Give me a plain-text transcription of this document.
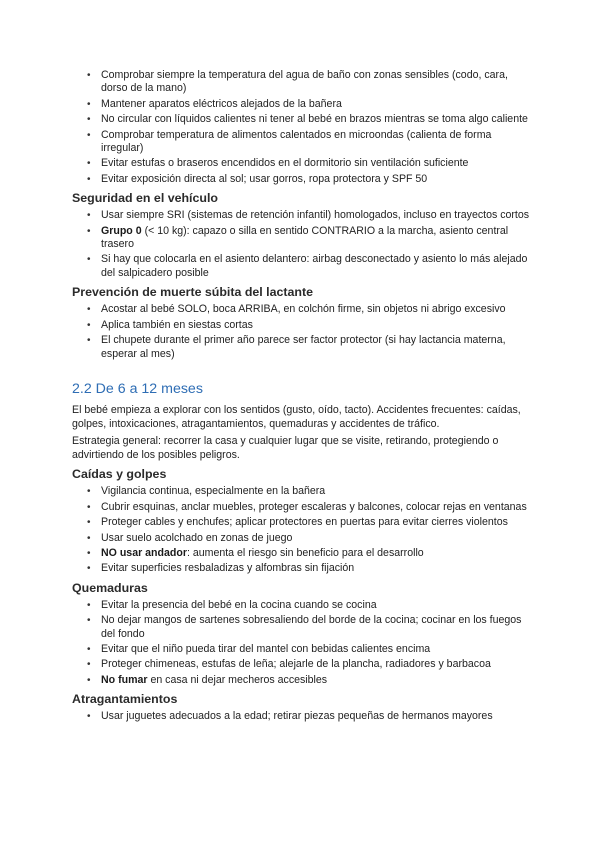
• Comprobar siempre la temperatura del agua de baño con zonas sensibles (codo, cara, dorso de la mano)
• Mantener aparatos eléctricos alejados de la bañera
• No circular con líquidos calientes ni tener al bebé en brazos mientras se toma algo caliente
• Comprobar temperatura de alimentos calentados en microondas (calienta de forma irregular)
• Evitar estufas o braseros encendidos en el dormitorio sin ventilación suficiente
• Evitar exposición directa al sol; usar gorros, ropa protectora y SPF 50
Seguridad en el vehículo
• Usar siempre SRI (sistemas de retención infantil) homologados, incluso en trayectos cortos
• Grupo 0 (< 10 kg): capazo o silla en sentido CONTRARIO a la marcha, asiento central trasero
• Si hay que colocarla en el asiento delantero: airbag desconectado y asiento lo más alejado del salpicadero posible
Prevención de muerte súbita del lactante
• Acostar al bebé SOLO, boca ARRIBA, en colchón firme, sin objetos ni abrigo excesivo
• Aplica también en siestas cortas
• El chupete durante el primer año parece ser factor protector (si hay lactancia materna, esperar al mes)
2.2 De 6 a 12 meses

El bebé empieza a explorar con los sentidos (gusto, oído, tacto). Accidentes frecuentes: caídas, golpes, intoxicaciones, atragantamientos, quemaduras y accidentes de tráfico.

Estrategia general: recorrer la casa y cualquier lugar que se visite, retirando, protegiendo o advirtiendo de los posibles peligros.

Caídas y golpes
• Vigilancia continua, especialmente en la bañera
• Cubrir esquinas, anclar muebles, proteger escaleras y balcones, colocar rejas en ventanas
• Proteger cables y enchufes; aplicar protectores en puertas para evitar cierres violentos
• Usar suelo acolchado en zonas de juego
• NO usar andador: aumenta el riesgo sin beneficio para el desarrollo
• Evitar superficies resbaladizas y alfombras sin fijación
Quemaduras
• Evitar la presencia del bebé en la cocina cuando se cocina
• No dejar mangos de sartenes sobresaliendo del borde de la cocina; cocinar en los fuegos del fondo
• Evitar que el niño pueda tirar del mantel con bebidas calientes encima
• Proteger chimeneas, estufas de leña; alejarle de la plancha, radiadores y barbacoa
• No fumar en casa ni dejar mecheros accesibles
Atragantamientos
• Usar juguetes adecuados a la edad; retirar piezas pequeñas de hermanos mayores
